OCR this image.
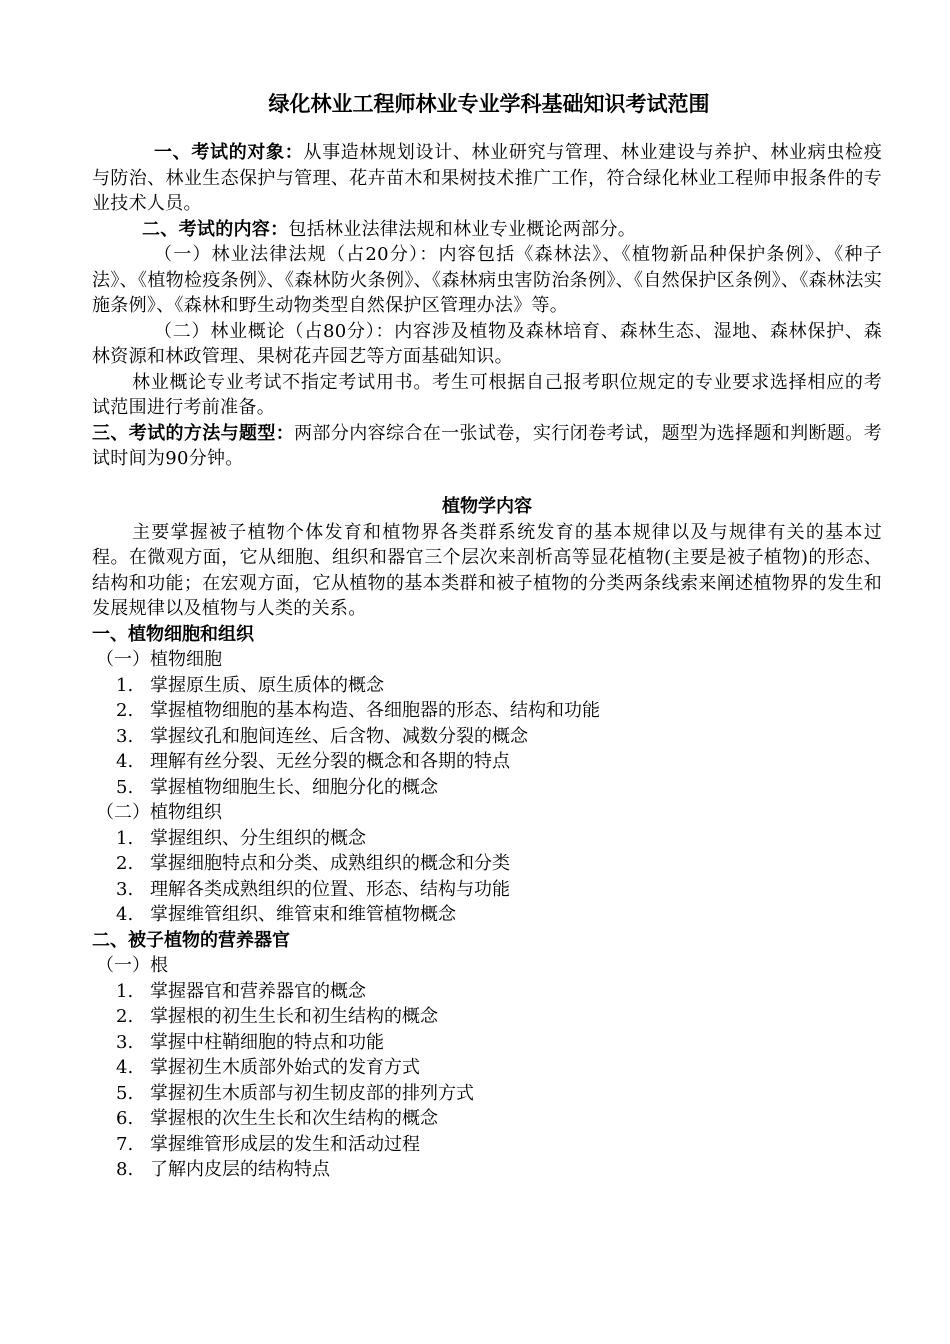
绿化林业工程师林业专业学科基础知识考试范围

一、考试的对象：从事造林规划设计、林业研究与管理、林业建设与养护、林业病虫检疫与防治、林业生态保护与管理、花卉苗木和果树技术推广工作，符合绿化林业工程师申报条件的专业技术人员。

二、考试的内容：包括林业法律法规和林业专业概论两部分。

（一）林业法律法规（占20分）：内容包括《森林法》、《植物新品种保护条例》、《种子法》、《植物检疫条例》、《森林防火条例》、《森林病虫害防治条例》、《自然保护区条例》、《森林法实施条例》、《森林和野生动物类型自然保护区管理办法》等。

（二）林业概论（占80分）：内容涉及植物及森林培育、森林生态、湿地、森林保护、森林资源和林政管理、果树花卉园艺等方面基础知识。

林业概论专业考试不指定考试用书。考生可根据自己报考职位规定的专业要求选择相应的考试范围进行考前准备。

三、考试的方法与题型：两部分内容综合在一张试卷，实行闭卷考试，题型为选择题和判断题。考试时间为90分钟。

植物学内容

主要掌握被子植物个体发育和植物界各类群系统发育的基本规律以及与规律有关的基本过程。在微观方面，它从细胞、组织和器官三个层次来剖析高等显花植物(主要是被子植物)的形态、结构和功能；在宏观方面，它从植物的基本类群和被子植物的分类两条线索来阐述植物界的发生和发展规律以及植物与人类的关系。

一、植物细胞和组织
（一）植物细胞
1. 掌握原生质、原生质体的概念
2. 掌握植物细胞的基本构造、各细胞器的形态、结构和功能
3. 掌握纹孔和胞间连丝、后含物、减数分裂的概念
4. 理解有丝分裂、无丝分裂的概念和各期的特点
5. 掌握植物细胞生长、细胞分化的概念
（二）植物组织
1. 掌握组织、分生组织的概念
2. 掌握细胞特点和分类、成熟组织的概念和分类
3. 理解各类成熟组织的位置、形态、结构与功能
4. 掌握维管组织、维管束和维管植物概念
二、被子植物的营养器官
（一）根
1. 掌握器官和营养器官的概念
2. 掌握根的初生生长和初生结构的概念
3. 掌握中柱鞘细胞的特点和功能
4. 掌握初生木质部外始式的发育方式
5. 掌握初生木质部与初生韧皮部的排列方式
6. 掌握根的次生生长和次生结构的概念
7. 掌握维管形成层的发生和活动过程
8. 了解内皮层的结构特点
